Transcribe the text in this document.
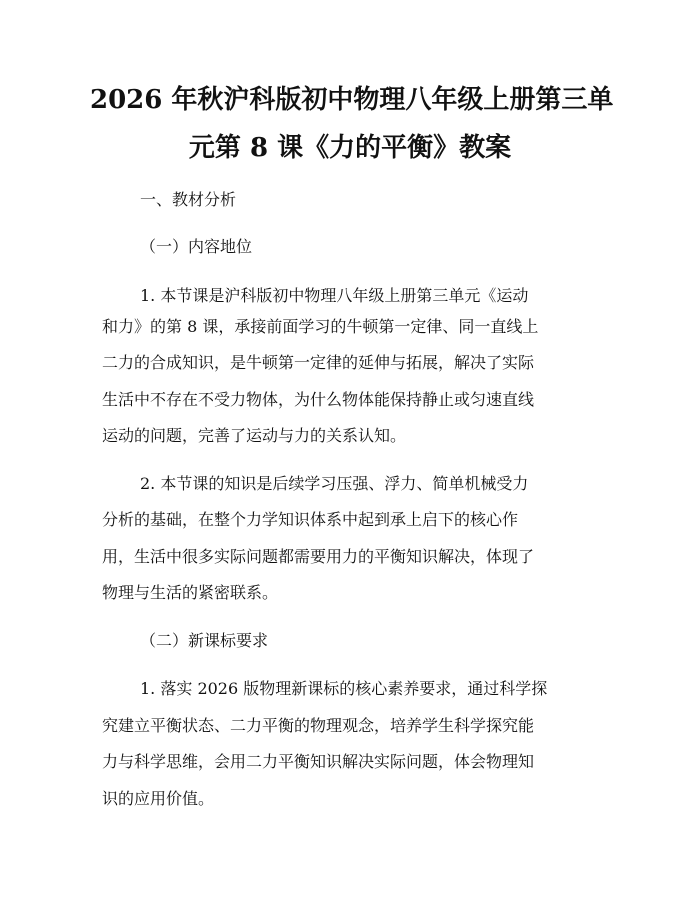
2026 年秋沪科版初中物理八年级上册第三单
元第 8 课《力的平衡》教案
一、教材分析
（一）内容地位
1. 本节课是沪科版初中物理八年级上册第三单元《运动
和力》的第 8 课，承接前面学习的牛顿第一定律、同一直线上
二力的合成知识，是牛顿第一定律的延伸与拓展，解决了实际
生活中不存在不受力物体，为什么物体能保持静止或匀速直线
运动的问题，完善了运动与力的关系认知。
2. 本节课的知识是后续学习压强、浮力、简单机械受力
分析的基础，在整个力学知识体系中起到承上启下的核心作
用，生活中很多实际问题都需要用力的平衡知识解决，体现了
物理与生活的紧密联系。
（二）新课标要求
1. 落实 2026 版物理新课标的核心素养要求，通过科学探
究建立平衡状态、二力平衡的物理观念，培养学生科学探究能
力与科学思维，会用二力平衡知识解决实际问题，体会物理知
识的应用价值。
